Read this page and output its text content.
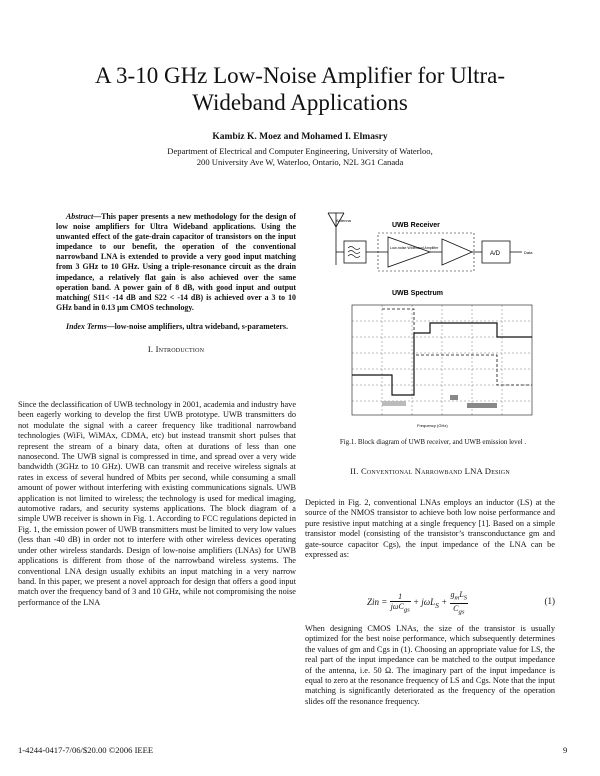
A 3-10 GHz Low-Noise Amplifier for Ultra-
Wideband Applications
Kambiz K. Moez and Mohamed I. Elmasry
Department of Electrical and Computer Engineering, University of Waterloo,
200 University Ave W, Waterloo, Ontario, N2L 3G1 Canada

Abstract—This paper presents a new methodology for the design of low noise amplifiers for Ultra Wideband applications. Using the unwanted effect of the gate-drain capacitor of transistors on the input impedance to our benefit, the operation of the conventional narrowband LNA is extended to provide a very good input matching from 3 GHz to 10 GHz. Using a triple-resonance circuit as the drain impedance, a relatively flat gain is also achieved over the same operation band. A power gain of 8 dB, with good input and output matching( S11< -14 dB and S22 < -14 dB) is achieved over a 3 to 10 GHz band in 0.13 µm CMOS technology.

Index Terms—low-noise amplifiers, ultra wideband, s-parameters.

I. Introduction

Since the declassification of UWB technology in 2001, academia and industry have been eagerly working to develop the first UWB prototype. UWB transmitters do not modulate the signal with a career frequency like traditional narrowband technologies (WiFi, WiMAx, CDMA, etc) but instead transmit short pulses that represent the stream of a binary data, often at durations of less than one nanosecond. The UWB signal is compressed in time, and spread over a very wide bandwidth (3GHz to 10 GHz). UWB can transmit and receive wireless signals at rates in excess of several hundred of Mbits per second, while consuming a small amount of power without interfering with existing communications signals. UWB application is not limited to wireless; the technology is used for medical imaging, automotive radars, and security systems applications. The block diagram of a simple UWB receiver is shown in Fig. 1. According to FCC regulations depicted in Fig. 1, the emission power of UWB transmitters must be limited to very low values (less than -40 dB) in order not to interfere with other wireless devices operating under other wireless standards. Design of low-noise amplifiers (LNAs) for UWB applications is different from those of the narrowband wireless systems. The conventional LNA design usually exhibits an input matching in a very narrow band. In this paper, we present a novel approach for design that offers a good input match over the frequency band of 3 and 10 GHz, while not compromising the noise performance of the LNA

Antenna
UWB Receiver
Low-noise Wideband Amplifier
A/D	Data
UWB Spectrum
Frequency (GHz)
Fig.1. Block diagram of UWB receiver, and UWB emission level .
II. Conventional Narrowband LNA Design

Depicted in Fig. 2, conventional LNAs employs an inductor (LS) at the source of the NMOS transistor to achieve both low noise performance and pure resistive input matching at a single frequency [1]. Based on a simple transistor model (consisting of the transistor’s transconductance gm and gate-source capacitor Cgs), the input impedance of the LNA can be expressed as:

Zin = $\frac{1}{j\omega C_{gs}} + j\omega L_S + \frac{g_mL_S}{C_{gs}}$	(1)

When designing CMOS LNAs, the size of the transistor is usually optimized for the best noise performance, which subsequently determines the values of gm and Cgs in (1). Choosing an appropriate value for LS, the real part of the input impedance can be matched to the output impedance of the antenna, i.e. 50 Ω. The imaginary part of the input impedance is equal to zero at the resonance frequency of LS and Cgs. Note that the input matching is significantly deteriorated as the frequency of the operation slides off the resonance frequency.

1-4244-0417-7/06/$20.00 ©2006 IEEE	9
